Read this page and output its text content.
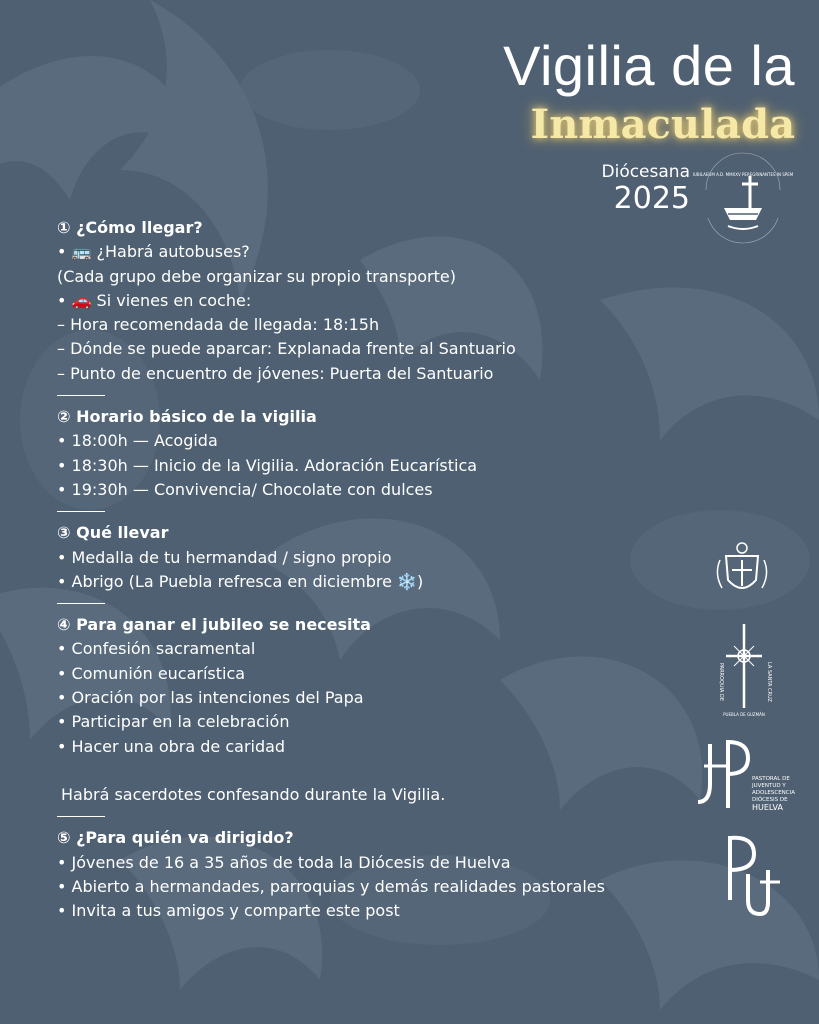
Vigilia de la
Inmaculada
Diócesana
2025
IUBILAEUM A.D. MMXXV PEREGRINANTES IN SPEM
PARROQUIA DE	LA SANTA CRUZ
PUEBLA DE GUZMÁN
PASTORAL DE
JUVENTUD Y
ADOLESCENCIA
DIÓCESIS DE
HUELVA
① ¿Cómo llegar?
• 🚌 ¿Habrá autobuses?
(Cada grupo debe organizar su propio transporte)
• 🚗 Si vienes en coche:
– Hora recomendada de llegada: 18:15h
– Dónde se puede aparcar: Explanada frente al Santuario
– Punto de encuentro de jóvenes: Puerta del Santuario
② Horario básico de la vigilia
• 18:00h — Acogida
• 18:30h — Inicio de la Vigilia. Adoración Eucarística
• 19:30h — Convivencia/ Chocolate con dulces
③ Qué llevar
• Medalla de tu hermandad / signo propio
• Abrigo (La Puebla refresca en diciembre ❄️)
④ Para ganar el jubileo se necesita
• Confesión sacramental
• Comunión eucarística
• Oración por las intenciones del Papa
• Participar en la celebración
• Hacer una obra de caridad
Habrá sacerdotes confesando durante la Vigilia.
⑤ ¿Para quién va dirigido?
• Jóvenes de 16 a 35 años de toda la Diócesis de Huelva
• Abierto a hermandades, parroquias y demás realidades pastorales
• Invita a tus amigos y comparte este post
